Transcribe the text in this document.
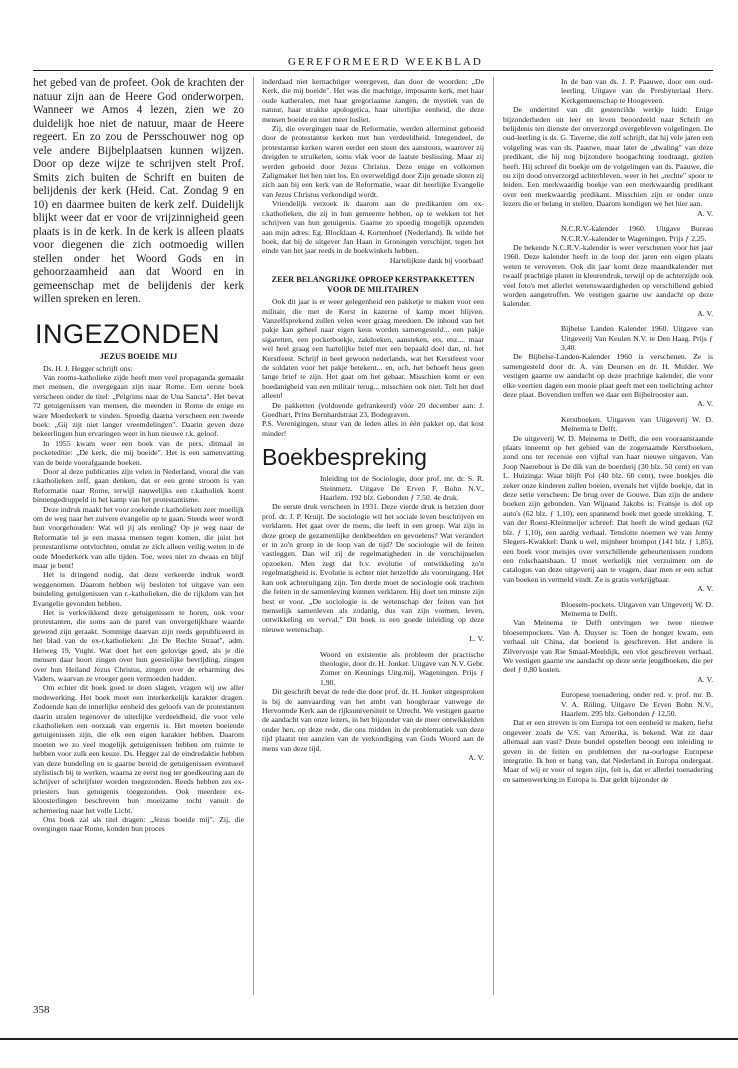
GEREFORMEERD WEEKBLAD

het gebed van de profeet. Ook de krachten der natuur zijn aan de Heere God onderworpen. Wanneer we Amos 4 lezen, zien we zo duidelijk hoe niet de natuur, maar de Heere regeert. En zo zou de Persschouwer nog op vele andere Bijbelplaatsen kunnen wijzen. Door op deze wijze te schrijven stelt Prof. Smits zich buiten de Schrift en buiten de belijdenis der kerk (Heid. Cat. Zondag 9 en 10) en daarmee buiten de kerk zelf. Duidelijk blijkt weer dat er voor de vrijzinnigheid geen plaats is in de kerk. In de kerk is alleen plaats voor diegenen die zich ootmoedig willen stellen onder het Woord Gods en in gehoorzaamheid aan dat Woord en in gemeenschap met de belijdenis der kerk willen spreken en leren.

INGEZONDEN
JEZUS BOEIDE MIJ

Ds. H. J. Hegger schrijft ons:

Van rooms-katholieke zijde heeft men veel propaganda gemaakt met mensen, die overgegaan zijn naar Rome. Een eerste boek verscheen onder de titel: „Pelgrims naar de Una Sancta". Het bevat 72 getuigenissen van mensen, die meenden in Rome de enige en ware Moederkerk te vinden. Spoedig daarna verscheen een tweede boek: „Gij zijt niet langer vreemdelingen". Daarin geven deze bekeerlingen hun ervaringen weer in hun nieuwe r.k. geloof.

In 1955 kwam weer een boek van de pers, ditmaal in pocketeditie: „De kerk, die mij boeide". Het is een samenvatting van de beide voorafgaande boeken.

Door al deze publicaties zijn velen in Nederland, vooral die van r.katholieken zelf, gaan denken, dat er een grote stroom is van Reformatie naar Rome, terwijl nauwelijks een r.katholiek komt binnengedruppeld in het kamp van het protestantisme.

Deze indruk maakt het voor zoekende r.katholieken zeer moeilijk om de weg naar het zuivere evangelie op te gaan. Steeds weer wordt hun voorgehouden: Wat wil jij als eenling? Op je weg naar de Reformatie tel je een massa mensen tegen komen, die juist het protestantisme ontvluchten, omdat ze zich alleen veilig weten in de oude Moederkerk van alle tijden. Toe, wees niet zo dwaas en blijf maar je bent!

Het is dringend nodig, dat deze verkeerde indruk wordt weggenomen. Daarom hebben wij besloten tot uitgave van een bundeling getuigenissen van r.-katholieken, die de rijkdom van het Evangelie gevonden hebben.

Het is verkwikkend deze getuigenissen te horen, ook voor protestanten, die soms aan de parel van onvergelijkbare waarde gewend zijn geraakt. Sommige daarvan zijn reeds gepubliceerd in het blad van de ex-r.katholieken: „In De Rechte Straat", adm. Heiweg 19, Vught. Wat doet het een gelovige goed, als je die mensen daar hoort zingen over hun geestelijke bevrijding, zingen over hun Heiland Jezus Christus, zingen over de erbarming des Vaders, waarvan ze vroeger geen vermoeden hadden.

Om echter dit boek goed te doen slagen, vragen wij uw aller medewerking. Het boek moet een interkerkelijk karakter dragen. Zodoende kan de innerlijke eenheid des geloofs van de protestanten daarin stralen tegenover de uiterlijke verdeeldheid, die voor vele r.katholieken een oorzaak van ergernis is. Het moeten boeiende getuigenissen zijn, die elk een eigen karakter hebben. Daarom moeten we zo veel mogelijk getuigenissen hebben om ruimte te hebben voor zulk een keuze. Ds. Hegger zal de eindredaktie hebben van deze bundeling en is gaarne bereid de getuigenissen eventueel stylistisch bij te werken, waarna ze eerst nog ter goedkeuring aan de schrijver of schrijfster worden toegezonden. Reeds hebben zes ex-priesters hun getuigenis toegezonden. Ook meerdere ex-kloosterlingen beschreven hun moeizame tocht vanuit de schemering naar het volle Licht.

Ons boek zal als titel dragen: „Jezus boeide mij". Zij, die overgingen naar Rome, konden hun proces

inderdaad niet kernachtiger weergeven, dan door de woorden: „De Kerk, die mij boeide". Het was die machtige, imposante kerk, met haar oude katheralen, met haar gregoriaanse zangen, de mystiek van de natuur, haar strakke apologetica, haar uiterlijke eenheid, die deze mensen boeide en niet meer losliet.

Zij, die overgingen naar de Reformatie, werden allerminst geboeid door de protestantse kerken met hun verdeeldheid. Integendeel, de protestantse kerken waren eerder een steen des aanstoots, waarover zij dreigden te struikelen, soms vlak voor de laatste beslissing. Maar zij werden geboeid door Jezus Christus. Deze enige en volkomen Zaligmaker liet hen niet los. En overweldigd door Zijn genade sloten zij zich aan bij een kerk van de Reformatie, waar dit heerlijke Evangelie van Jezus Christus verkondigd wordt.

Vriendelijk verzoek ik daarom aan de predikanten om ex-r.katholieken, die zij in hun gemeente hebben, op te wekken tot het schrijven van hun getuigenis. Gaarne zo spoedig mogelijk opzenden aan mijn adres: Eg. Blocklaan 4, Kortenhoef (Nederland). Ik wilde het boek, dat bij de uitgever Jan Haan in Groningen verschijnt, tegen het einde van het jaar reeds in de boekwinkels hebben.

Hartelijkste dank bij voorbaat!

ZEER BELANGRIJKE OPROEP KERSTPAKKETTEN VOOR DE MILITAIREN

Ook dit jaar is er weer gelegenheid een pakketje te maken voor een militair, die met de Kerst in kazerne of kamp moet blijven. Vanzelfsprekend zullen velen weer graag meedoen. De inhoud van het pakje kan geheel naar eigen keus worden samengesteld... een pakje sigaretten, een pocketboekje, zakdoeken, aansteken, ets, enz.... maar wel heel graag een hartelijke brief met een bepaald doel dan, nl. het Kerstfeest. Schrijf in heel gewoon nederlands, wat het Kerstfeest voor de soldaten voor het pakje betekent... en, och, het behoeft heus geen lange brief te zijn. Het gaat om het gebaar. Misschien komt er een hoedanigheid van een militair terug... misschien ook niet. Telt het doel alleen!

De pakketten (voldoende gefrankeerd) vóór 20 december aan: J. Goedhart, Prins Bernhardstraat 23, Bodegraven.

P.S. Verenigingen, stuur van de leden alles in één pakket op, dat kost minder!

Boekbespreking

Inleiding tot de Sociologie, door prof. mr. dr. S. R. Steinmetz. Uitgave De Erven F. Bohn N.V., Haarlem. 192 blz. Gebonden ƒ 7.50. 4e druk.

De eerste druk verscheen in 1931. Deze vierde druk is herzien door prof. dr. J. P. Kruijt. De sociologie wil het sociale leven beschrijven en verklaren. Het gaat over de mens, die leeft in een groep. Wat zijn in deze groep de gezamenlijke denkbeelden en gevoelens? Wat verandert er in zo'n groep in de loop van de tijd? De sociologie wil de feiten vastleggen. Dan wil zij de regelmatigheden in de verschijnselen opzoeken. Men zegt dat b.v. evolutie of ontwikkeling zo'n regelmatigheid is. Evolutie is echter niet hetzelfde als vooruitgang. Het kan ook achteruitgang zijn. Ten derde moet de sociologie ook trachten die feiten in de samenleving kunnen verklaren. Hij doet ten minste zijn best er voor. „De sociologie is de wetenschap der feiten van het menselijk samenleven als zodanig, dus van zijn vormen, leven, ontwikkeling en verval." Dit boek is een goede inleiding op deze nieuwe wetenschap.

L. V.

Woord en existentie als probleem der practische theologie, door dr. H. Jonker. Uitgave van N.V. Gebr. Zomer en Keunings Uitg.mij, Wageningen. Prijs ƒ 1,90.

Dit geschrift bevat de rede die door prof. dr. H. Jonker uitgesproken is bij de aanvaarding van het ambt van hoogleraar vanwege de Hervormde Kerk aan de rijksuniversiteit te Utrecht. We vestigen gaarne de aandacht van onze lezers, in het bijzonder van de meer ontwikkelden onder hen, op deze rede, die ons midden in de problematiek van deze tijd plaatst ten aanzien van de verkondiging van Gods Woord aan de mens van deze tijd.

A. V.

In de ban van ds. J. P. Paauwe, door een oud-leerling. Uitgave van de Presbyteriaal Herv. Kerkgemeenschap te Hoogeveen.

De ondertitel van dit gestencilde werkje luidt: Enige bijzonderheden uit leer en leven beoordeeld naar Schrift en belijdenis ten dienste der onverzorgd overgebleven volgelingen. De oud-leerling is ds. G. Taverne, die zelf schrijft, dat hij vele jaren een volgeling was van ds. Paauwe, maar later de „dwaling" van deze predikant, die hij nog bijzondere hoogachting toedraagt, gezien heeft. Hij schreef dit boekje om de volgelingen van ds. Paauwe, die nu zijn dood onverzorgd achterbleven, weer in het „rechte" spoor te leiden. Een merkwaardig boekje van een merkwaardig predikant over een merkwaardig predikant. Misschien zijn er onder onze lezers die er belang in stellen. Daarom kondigen we het hier aan.

A. V.

N.C.R.V.-kalender 1960. Uitgave Bureau N.C.R.V.-kalender te Wageningen. Prijs ƒ 2,25.

De bekende N.C.R.V.-kalender is weer verschenen voor het jaar 1960. Deze kalender heeft in de loop der jaren een eigen plaats weten te veroveren. Ook dit jaar komt deze maandkalender met twaalf prachtige platen in kleurendruk, terwijl op de achterzijde ook veel foto's met allerlei wetenswaardigheden op verschillend gebied worden aangetroffen. We vestigen gaarne uw aandacht op deze kalender.

A. V.

Bijbelse Landen Kalender 1960. Uitgave van Uitgeverij Van Keulen N.V. te Den Haag. Prijs ƒ 3,40.

De Bijbelse-Landen-Kalender 1960 is verschenen. Ze is samengesteld door dr. A. van Deursen en dr. H. Mulder. We vestigen gaarne uw aandacht op deze prachtige kalender, die voor elke veertien dagen een mooie plaat geeft met een toelichting achter deze plaat. Bovendien treffen we daar een Bijbelrooster aan.

A. V.

Kerstboeken. Uitgaven van Uitgeverij W. D. Meinema te Delft.

De uitgeverij W. D. Meinema te Delft, die een vooraanstaande plaats inneemt op het gebied van de zogenaamde Kerstboeken, zond ons ter recensie een vijftal van haar nieuwe uitgaven. Van Joop Naerebout is De dik van de boerderij (30 blz. 50 cent) en van L. Huizinga: Waar blijft Pol (40 blz. 60 cent), twee boekjes die zeker onze kinderen zullen boeien, evenals het vijfde boekje, dat in deze serie verscheen: De brug over de Gouwe. Dan zijn de andere boeken zijn gebonden. Van Wijnand Jakobs is: Fransje is dol op auto's (62 blz. ƒ 1,10), een spannend boek met goede strekking. T. van der Roest-Kleinmeijer schreef: Dat heeft de wind gedaan (62 blz. ƒ 1,10), een aardig verhaal. Tenslotte noemen we van Jenny Slegers-Kwakkel: Dank u wel, mijnheer brompot (141 blz. ƒ 1,85), een boek voor meisjes over verschillende gebeurtenissen rondom een rolschaatsbaan. U moet werkelijk niet verzuimen om de catalogus van deze uitgeverij aan te vragen, daar men er een schat van boeken in vermeld vindt. Ze is gratis verkrijgbaar.

A. V.

Bloesem-pockets. Uitgaven van Uitgeverij W. D. Meinema te Delft.

Van Meinema te Delft ontvingen we twee nieuwe bloesempockets. Van A. Duyser is: Toen de honger kwam, een verhaal uit China, dat boeiend is geschreven. Het andere is Zilvervosje van Rie Smaal-Meeldijk, een vlot geschreven verhaal. We vestigen gaarne uw aandacht op deze serie jeugdboeken, die per deel ƒ 0,80 kosten.

A. V.

Europese toenadering, onder red. v. prof. mr. B. V. A. Röling. Uitgave De Erven Bohn N.V., Haarlem. 295 blz. Gebonden ƒ 12,50.

Dat er een streven is om Europa tot een eenheid te maken, liefst ongeveer zoals de V.S. van Amerika, is bekend. Wat zit daar allemaal aan vast? Deze bundel opstellen beoogt een inleiding te geven in de feiten en problemen der na-oorlogse Europese integratie. Ik ben er bang van, dat Nederland in Europa ondergaat. Maar of wij er voor of tegen zijn, feit is, dat er allerlei toenadering en samenwerking in Europa is. Dat geldt bijzonder de

358
